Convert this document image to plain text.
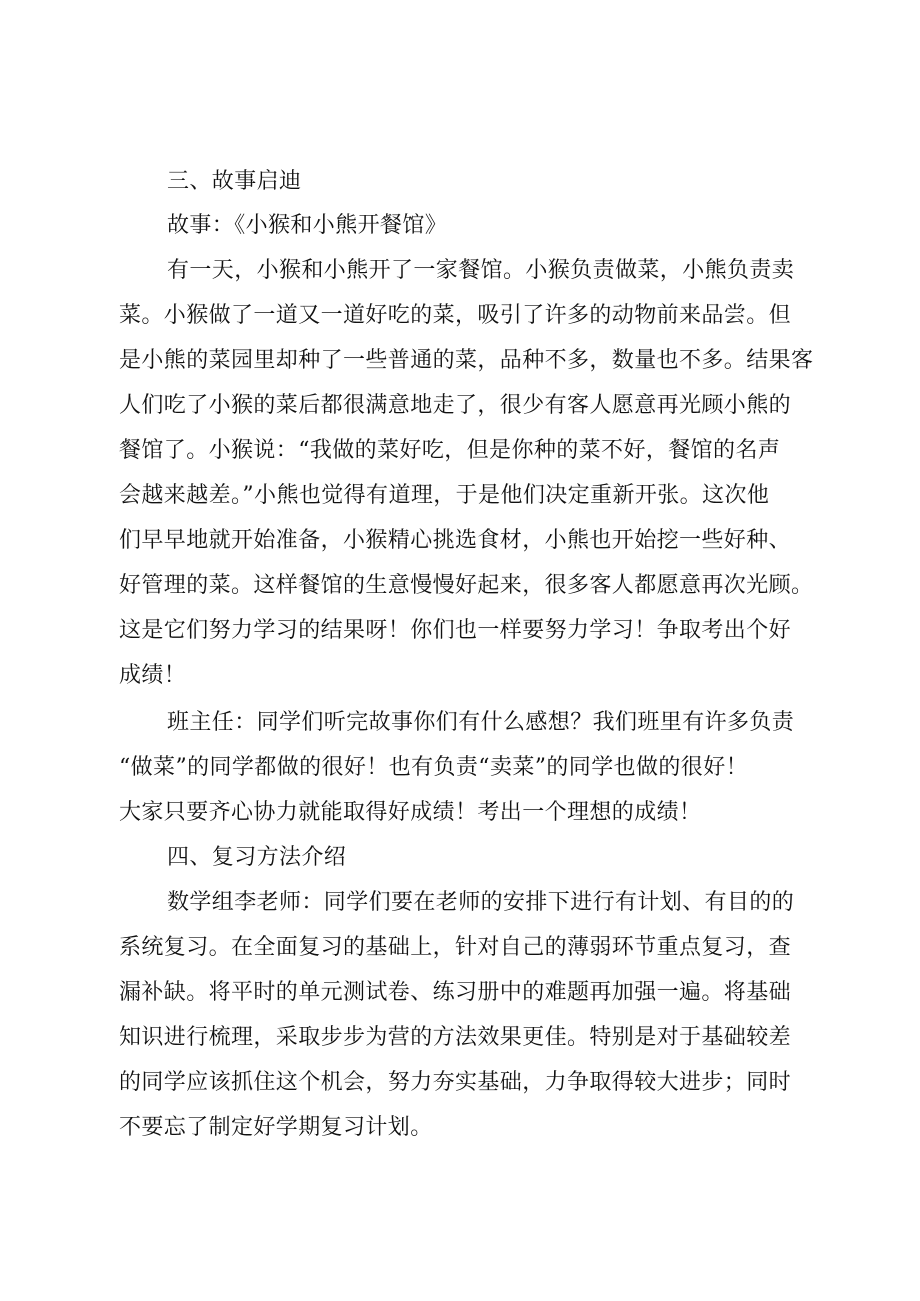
三、故事启迪
故事：《小猴和小熊开餐馆》
有一天，小猴和小熊开了一家餐馆。小猴负责做菜，小熊负责卖
菜。小猴做了一道又一道好吃的菜，吸引了许多的动物前来品尝。但
是小熊的菜园里却种了一些普通的菜，品种不多，数量也不多。结果客
人们吃了小猴的菜后都很满意地走了，很少有客人愿意再光顾小熊的
餐馆了。小猴说：“我做的菜好吃，但是你种的菜不好，餐馆的名声
会越来越差。”小熊也觉得有道理，于是他们决定重新开张。这次他
们早早地就开始准备，小猴精心挑选食材，小熊也开始挖一些好种、
好管理的菜。这样餐馆的生意慢慢好起来，很多客人都愿意再次光顾。
这是它们努力学习的结果呀！你们也一样要努力学习！争取考出个好
成绩！
班主任：同学们听完故事你们有什么感想？我们班里有许多负责
“做菜”的同学都做的很好！也有负责“卖菜”的同学也做的很好！
大家只要齐心协力就能取得好成绩！考出一个理想的成绩！
四、复习方法介绍
数学组李老师：同学们要在老师的安排下进行有计划、有目的的
系统复习。在全面复习的基础上，针对自己的薄弱环节重点复习，查
漏补缺。将平时的单元测试卷、练习册中的难题再加强一遍。将基础
知识进行梳理，采取步步为营的方法效果更佳。特别是对于基础较差
的同学应该抓住这个机会，努力夯实基础，力争取得较大进步；同时
不要忘了制定好学期复习计划。
